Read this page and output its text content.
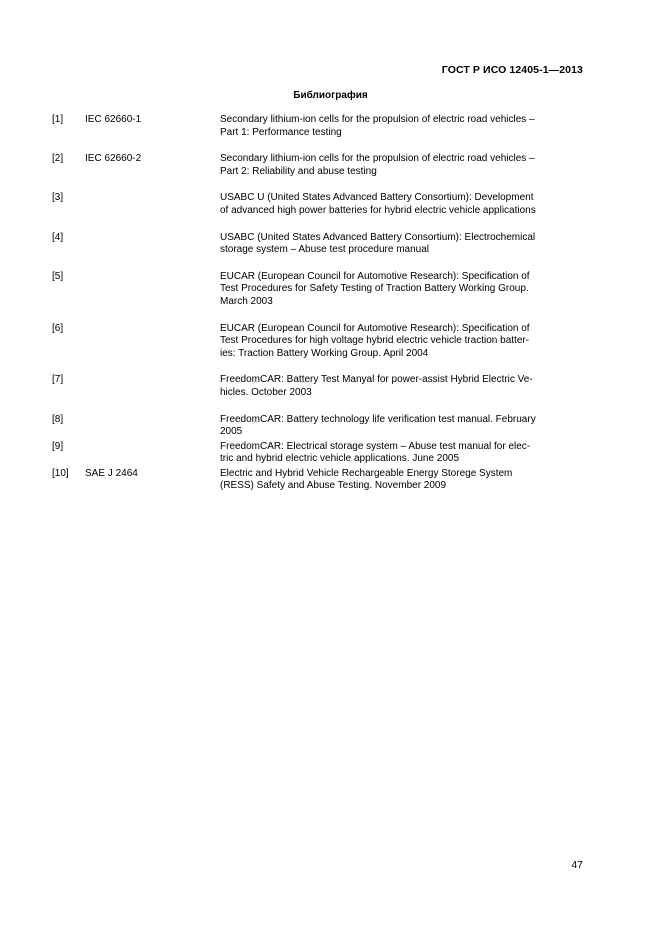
ГОСТ Р ИСО 12405-1—2013
Библиография
[1] IEC 62660-1	Secondary lithium-ion cells for the propulsion of electric road vehicles –
Part 1: Performance testing
[2] IEC 62660-2	Secondary lithium-ion cells for the propulsion of electric road vehicles –
Part 2: Reliability and abuse testing
[3]	USABC U (United States Advanced Battery Consortium): Development
of advanced high power batteries for hybrid electric vehicle applications
[4]	USABC (United States Advanced Battery Consortium): Electrochemical
storage system – Abuse test procedure manual
[5]	EUCAR (European Council for Automotive Research): Specification of
Test Procedures for Safety Testing of Traction Battery Working Group.
March 2003
[6]	EUCAR (European Council for Automotive Research): Specification of
Test Procedures for high voltage hybrid electric vehicle traction batter-
ies: Traction Battery Working Group. April 2004
[7]	FreedomCAR: Battery Test Manyal for power-assist Hybrid Electric Ve-
hicles. October 2003
[8]	FreedomCAR: Battery technology life verification test manual. February
2005
[9]	FreedomCAR: Electrical storage system – Abuse test manual for elec-
tric and hybrid electric vehicle applications. June 2005
[10] SAE J 2464	Electric and Hybrid Vehicle Rechargeable Energy Storege System
(RESS) Safety and Abuse Testing. November 2009
47
